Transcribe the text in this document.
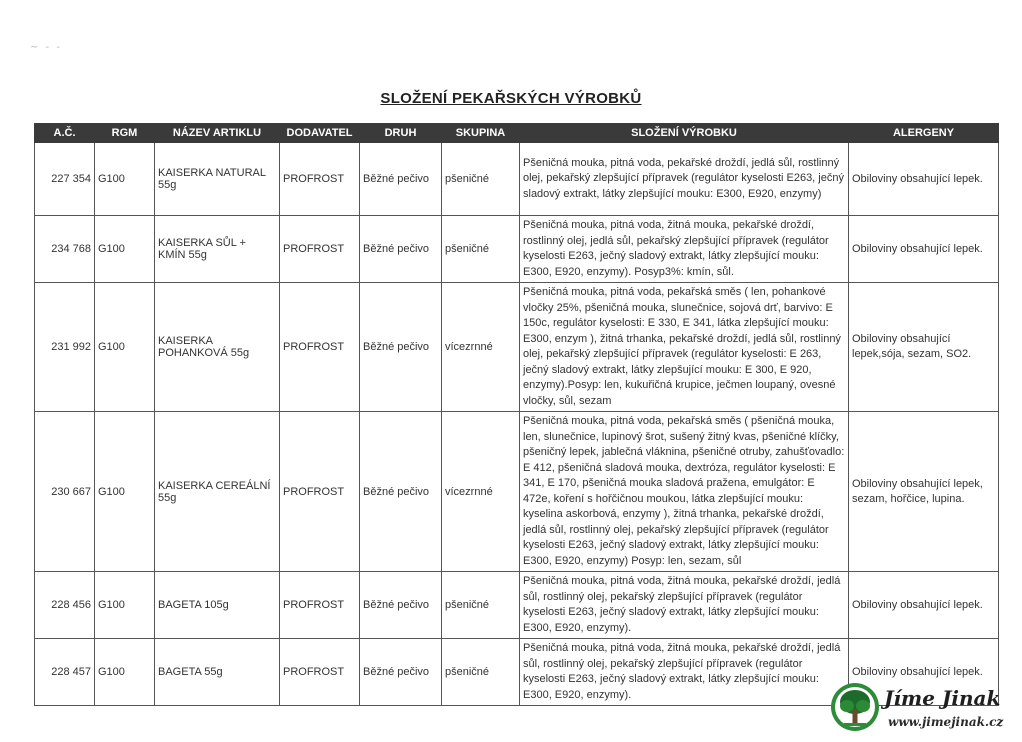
~ - -
SLOŽENÍ PEKAŘSKÝCH VÝROBKŮ
A.Č.	RGM	NÁZEV ARTIKLU	DODAVATEL	DRUH	SKUPINA	SLOŽENÍ VÝROBKU	ALERGENY
227 354	G100	KAISERKA NATURAL 55g	PROFROST	Běžné pečivo	pšeničné	Pšeničná mouka, pitná voda, pekařské droždí, jedlá sůl, rostlinný olej, pekařský zlepšující přípravek (regulátor kyselosti E263, ječný sladový extrakt, látky zlepšující mouku: E300, E920, enzymy)	Obiloviny obsahující lepek.
234 768	G100	KAISERKA SŮL + KMÍN 55g	PROFROST	Běžné pečivo	pšeničné	Pšeničná mouka, pitná voda, žitná mouka, pekařské droždí, rostlinný olej, jedlá sůl, pekařský zlepšující přípravek (regulátor kyselosti E263, ječný sladový extrakt, látky zlepšující mouku: E300, E920, enzymy). Posyp3%: kmín, sůl.	Obiloviny obsahující lepek.
231 992	G100	KAISERKA POHANKOVÁ 55g	PROFROST	Běžné pečivo	vícezrnné	Pšeničná mouka, pitná voda, pekařská směs ( len, pohankové vločky 25%, pšeničná mouka, slunečnice, sojová drť, barvivo: E 150c, regulátor kyselosti: E 330, E 341, látka zlepšující mouku: E300, enzym ), žitná trhanka, pekařské droždí, jedlá sůl, rostlinný olej, pekařský zlepšující přípravek (regulátor kyselosti: E 263, ječný sladový extrakt, látky zlepšující mouku: E 300, E 920, enzymy).Posyp: len, kukuřičná krupice, ječmen loupaný, ovesné vločky, sůl, sezam	Obiloviny obsahující lepek,sója, sezam, SO2.
230 667	G100	KAISERKA CEREÁLNÍ 55g	PROFROST	Běžné pečivo	vícezrnné	Pšeničná mouka, pitná voda, pekařská směs ( pšeničná mouka, len, slunečnice, lupinový šrot, sušený žitný kvas, pšeničné klíčky, pšeničný lepek, jablečná vláknina, pšeničné otruby, zahušťovadlo: E 412, pšeničná sladová mouka, dextróza, regulátor kyselosti: E 341, E 170, pšeničná mouka sladová pražena, emulgátor: E 472e, koření s hořčičnou moukou, látka zlepšující mouku: kyselina askorbová, enzymy ), žitná trhanka, pekařské droždí, jedlá sůl, rostlinný olej, pekařský zlepšující přípravek (regulátor kyselosti E263, ječný sladový extrakt, látky zlepšující mouku: E300, E920, enzymy) Posyp: len, sezam, sůl	Obiloviny obsahující lepek, sezam, hořčice, lupina.
228 456	G100	BAGETA 105g	PROFROST	Běžné pečivo	pšeničné	Pšeničná mouka, pitná voda, žitná mouka, pekařské droždí, jedlá sůl, rostlinný olej, pekařský zlepšující přípravek (regulátor kyselosti E263, ječný sladový extrakt, látky zlepšující mouku: E300, E920, enzymy).	Obiloviny obsahující lepek.
228 457	G100	BAGETA 55g	PROFROST	Běžné pečivo	pšeničné	Pšeničná mouka, pitná voda, žitná mouka, pekařské droždí, jedlá sůl, rostlinný olej, pekařský zlepšující přípravek (regulátor kyselosti E263, ječný sladový extrakt, látky zlepšující mouku: E300, E920, enzymy).	Obiloviny obsahující lepek.
Jíme Jinak
www.jimejinak.cz
